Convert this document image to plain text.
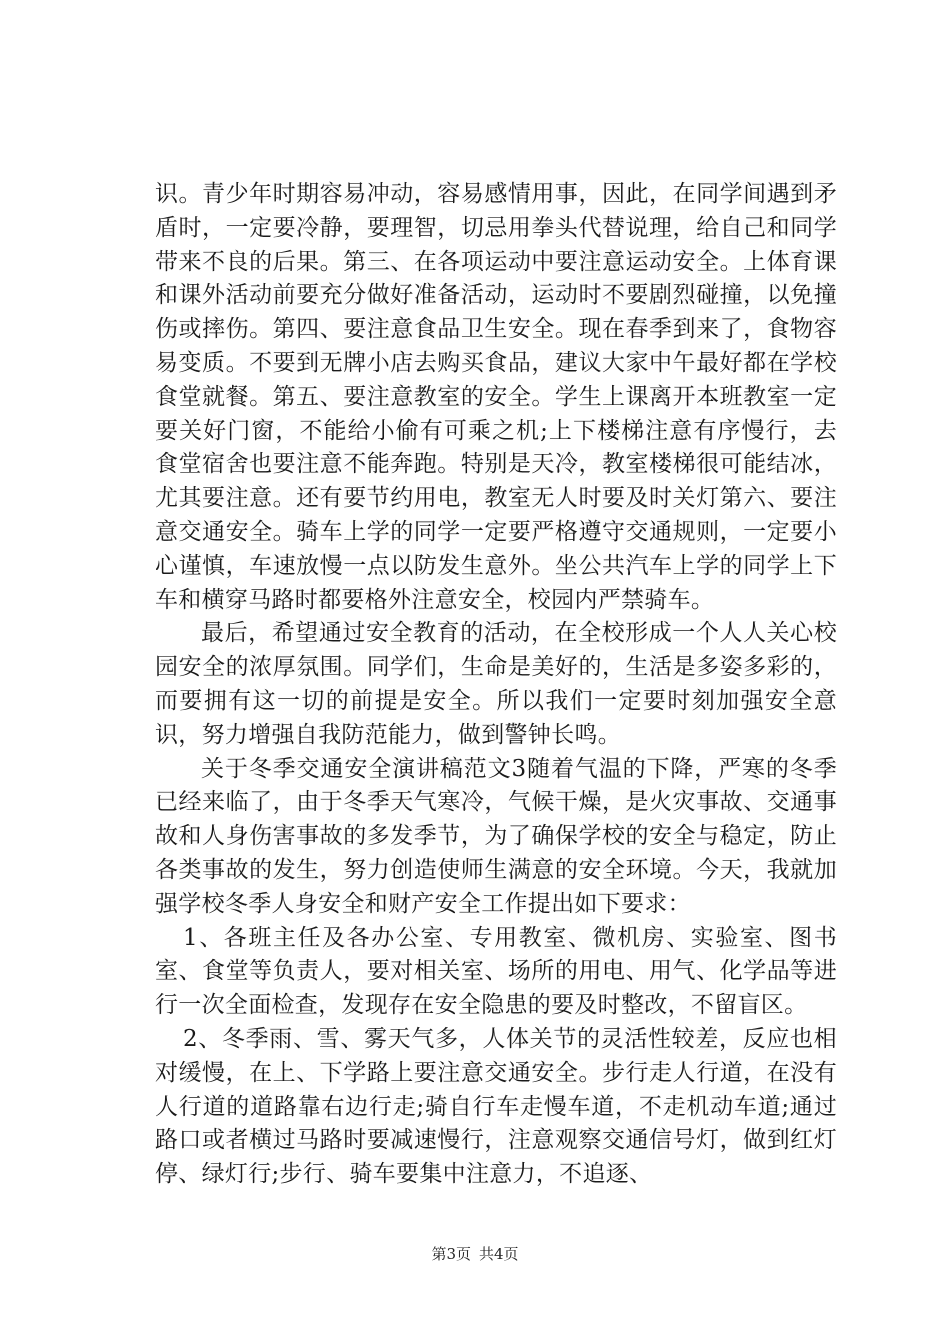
识。青少年时期容易冲动，容易感情用事，因此，在同学间遇到矛盾时，一定要冷静，要理智，切忌用拳头代替说理，给自己和同学带来不良的后果。第三、在各项运动中要注意运动安全。上体育课和课外活动前要充分做好准备活动，运动时不要剧烈碰撞，以免撞伤或摔伤。第四、要注意食品卫生安全。现在春季到来了，食物容易变质。不要到无牌小店去购买食品，建议大家中午最好都在学校食堂就餐。第五、要注意教室的安全。学生上课离开本班教室一定要关好门窗，不能给小偷有可乘之机;上下楼梯注意有序慢行，去食堂宿舍也要注意不能奔跑。特别是天冷，教室楼梯很可能结冰，尤其要注意。还有要节约用电，教室无人时要及时关灯第六、要注意交通安全。骑车上学的同学一定要严格遵守交通规则，一定要小心谨慎，车速放慢一点以防发生意外。坐公共汽车上学的同学上下车和横穿马路时都要格外注意安全，校园内严禁骑车。

最后，希望通过安全教育的活动，在全校形成一个人人关心校园安全的浓厚氛围。同学们，生命是美好的，生活是多姿多彩的，而要拥有这一切的前提是安全。所以我们一定要时刻加强安全意识，努力增强自我防范能力，做到警钟长鸣。

关于冬季交通安全演讲稿范文3随着气温的下降，严寒的冬季已经来临了，由于冬季天气寒冷，气候干燥，是火灾事故、交通事故和人身伤害事故的多发季节，为了确保学校的安全与稳定，防止各类事故的发生，努力创造使师生满意的安全环境。今天，我就加强学校冬季人身安全和财产安全工作提出如下要求：

1、各班主任及各办公室、专用教室、微机房、实验室、图书室、食堂等负责人，要对相关室、场所的用电、用气、化学品等进行一次全面检查，发现存在安全隐患的要及时整改，不留盲区。

2、冬季雨、雪、雾天气多，人体关节的灵活性较差，反应也相对缓慢，在上、下学路上要注意交通安全。步行走人行道，在没有人行道的道路靠右边行走;骑自行车走慢车道，不走机动车道;通过路口或者横过马路时要减速慢行，注意观察交通信号灯，做到红灯停、绿灯行;步行、骑车要集中注意力，不追逐、

第3页 共4页
